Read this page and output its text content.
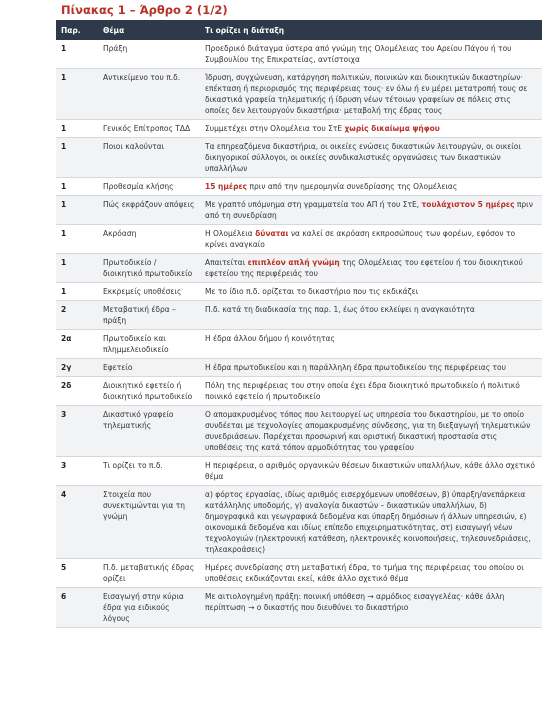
Πίνακας 1 – Άρθρο 2 (1/2)
Παρ.	Θέμα	Τι ορίζει η διάταξη
1	Πράξη	Προεδρικό διάταγμα ύστερα από γνώμη της Ολομέλειας του Αρείου Πάγου ή του Συμβουλίου της Επικρατείας, αντίστοιχα
1	Αντικείμενο του π.δ.	Ίδρυση, συγχώνευση, κατάργηση πολιτικών, ποινικών και διοικητικών δικαστηρίων· επέκταση ή περιορισμός της περιφέρειας τους· εν όλω ή εν μέρει μετατροπή τους σε δικαστικά γραφεία τηλεματικής ή ίδρυση νέων τέτοιων γραφείων σε πόλεις στις οποίες δεν λειτουργούν δικαστήρια· μεταβολή της έδρας τους
1	Γενικός Επίτροπος ΤΔΔ	Συμμετέχει στην Ολομέλεια του ΣτΕ χωρίς δικαίωμα ψήφου
1	Ποιοι καλούνται	Τα επηρεαζόμενα δικαστήρια, οι οικείες ενώσεις δικαστικών λειτουργών, οι οικείοι δικηγορικοί σύλλογοι, οι οικείες συνδικαλιστικές οργανώσεις των δικαστικών υπαλλήλων
1	Προθεσμία κλήσης	15 ημέρες πριν από την ημερομηνία συνεδρίασης της Ολομέλειας
1	Πώς εκφράζουν απόψεις	Με γραπτό υπόμνημα στη γραμματεία του ΑΠ ή του ΣτΕ, τουλάχιστον 5 ημέρες πριν από τη συνεδρίαση
1	Ακρόαση	Η Ολομέλεια δύναται να καλεί σε ακρόαση εκπροσώπους των φορέων, εφόσον το κρίνει αναγκαίο
1	Πρωτοδικείο / διοικητικό πρωτοδικείο	Απαιτείται επιπλέον απλή γνώμη της Ολομέλειας του εφετείου ή του διοικητικού εφετείου της περιφέρειάς του
1	Εκκρεμείς υποθέσεις	Με το ίδιο π.δ. ορίζεται το δικαστήριο που τις εκδικάζει
2	Μεταβατική έδρα – πράξη	Π.δ. κατά τη διαδικασία της παρ. 1, έως ότου εκλείψει η αναγκαιότητα
2α	Πρωτοδικείο και πλημμελειοδικείο	Η έδρα άλλου δήμου ή κοινότητας
2γ	Εφετείο	Η έδρα πρωτοδικείου και η παράλληλη έδρα πρωτοδικείου της περιφέρειας του
2δ	Διοικητικό εφετείο ή διοικητικό πρωτοδικείο	Πόλη της περιφέρειας του στην οποία έχει έδρα διοικητικό πρωτοδικείο ή πολιτικό ποινικό εφετείο ή πρωτοδικείο
3	Δικαστικό γραφείο τηλεματικής	Ο απομακρυσμένος τόπος που λειτουργεί ως υπηρεσία του δικαστηρίου, με το οποίο συνδέεται με τεχνολογίες απομακρυσμένης σύνδεσης, για τη διεξαγωγή τηλεματικών συνεδριάσεων. Παρέχεται προσωρινή και οριστική δικαστική προστασία στις υποθέσεις της κατά τόπον αρμοδιότητας του γραφείου
3	Τι ορίζει το π.δ.	Η περιφέρεια, ο αριθμός οργανικών θέσεων δικαστικών υπαλλήλων, κάθε άλλο σχετικό θέμα
4	Στοιχεία που συνεκτιμώνται για τη γνώμη	α) φόρτος εργασίας, ιδίως αριθμός εισερχόμενων υποθέσεων, β) ύπαρξη/ανεπάρκεια κατάλληλης υποδομής, γ) αναλογία δικαστών – δικαστικών υπαλλήλων, δ) δημογραφικά και γεωγραφικά δεδομένα και ύπαρξη δημόσιων ή άλλων υπηρεσιών, ε) οικονομικά δεδομένα και ιδίως επίπεδο επιχειρηματικότητας, στ) εισαγωγή νέων τεχνολογιών (ηλεκτρονική κατάθεση, ηλεκτρονικές κοινοποιήσεις, τηλεσυνεδριάσεις, τηλεακροάσεις)
5	Π.δ. μεταβατικής έδρας ορίζει	Ημέρες συνεδρίασης στη μεταβατική έδρα, το τμήμα της περιφέρειας του οποίου οι υποθέσεις εκδικάζονται εκεί, κάθε άλλο σχετικό θέμα
6	Εισαγωγή στην κύρια έδρα για ειδικούς λόγους	Με αιτιολογημένη πράξη: ποινική υπόθεση → αρμόδιος εισαγγελέας· κάθε άλλη περίπτωση → ο δικαστής που διευθύνει το δικαστήριο
